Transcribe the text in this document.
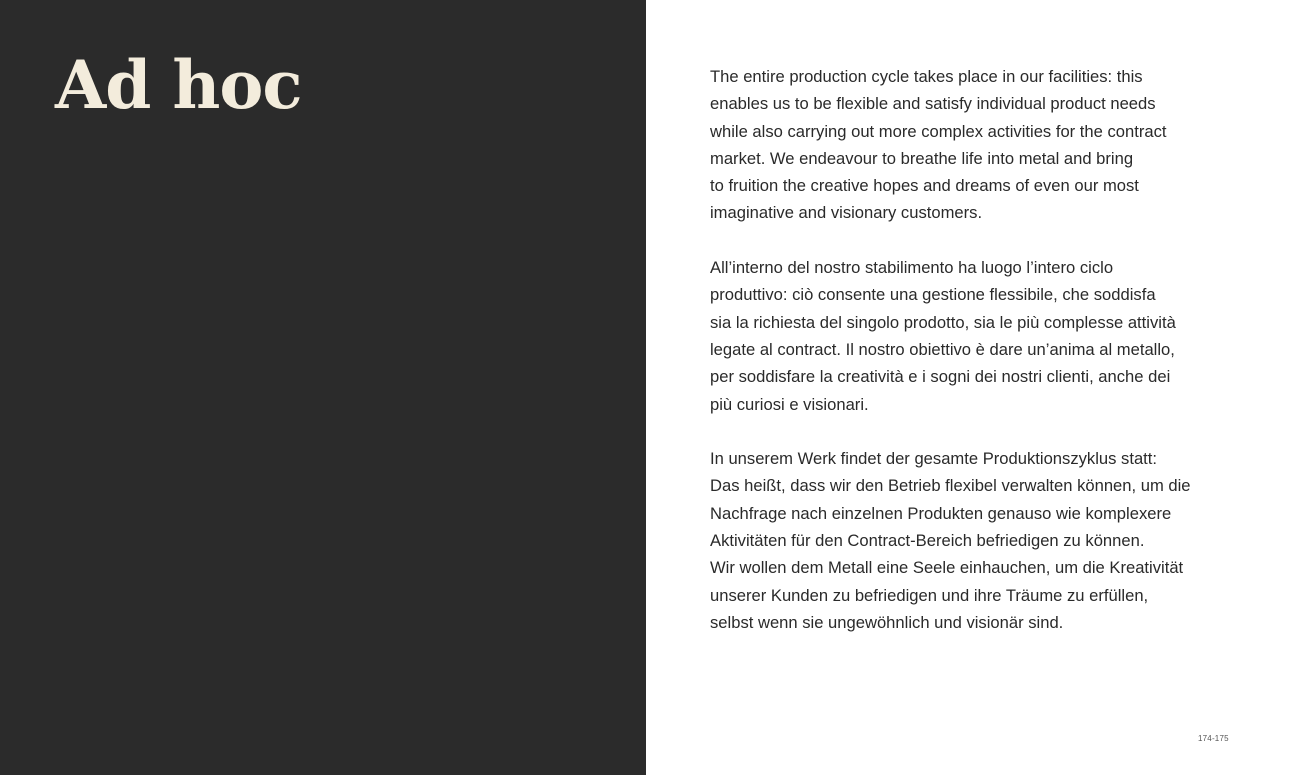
Ad hoc	The entire production cycle takes place in our facilities: this
enables us to be flexible and satisfy individual product needs
while also carrying out more complex activities for the contract
market. We endeavour to breathe life into metal and bring
to fruition the creative hopes and dreams of even our most
imaginative and visionary customers.

All’interno del nostro stabilimento ha luogo l’intero ciclo
produttivo: ciò consente una gestione flessibile, che soddisfa
sia la richiesta del singolo prodotto, sia le più complesse attività
legate al contract. Il nostro obiettivo è dare un’anima al metallo,
per soddisfare la creatività e i sogni dei nostri clienti, anche dei
più curiosi e visionari.

In unserem Werk findet der gesamte Produktionszyklus statt:
Das heißt, dass wir den Betrieb flexibel verwalten können, um die
Nachfrage nach einzelnen Produkten genauso wie komplexere
Aktivitäten für den Contract-Bereich befriedigen zu können.
Wir wollen dem Metall eine Seele einhauchen, um die Kreativität
unserer Kunden zu befriedigen und ihre Träume zu erfüllen,
selbst wenn sie ungewöhnlich und visionär sind.

174-175
